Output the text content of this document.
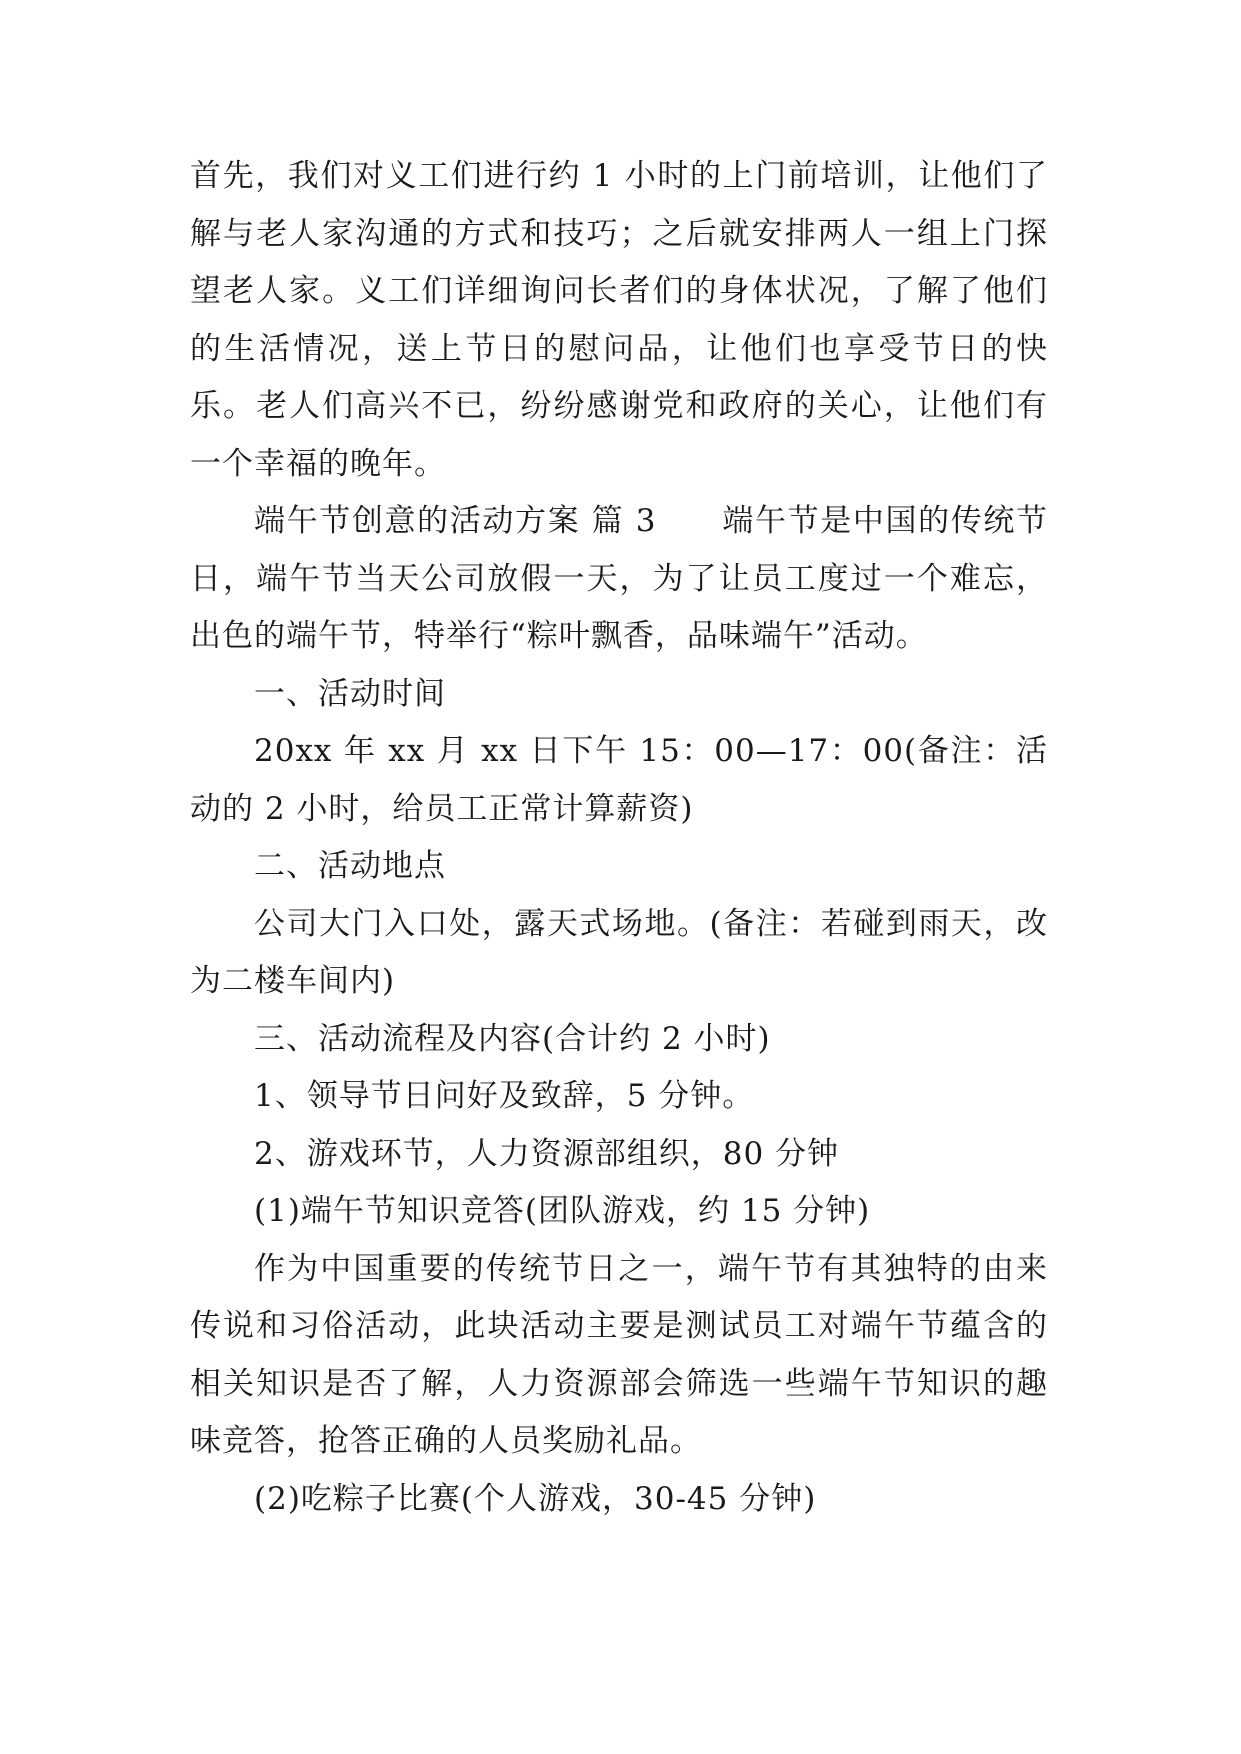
首先，我们对义工们进行约 1 小时的上门前培训，让他们了解与老人家沟通的方式和技巧；之后就安排两人一组上门探望老人家。义工们详细询问长者们的身体状况，了解了他们的生活情况，送上节日的慰问品，让他们也享受节日的快乐。老人们高兴不已，纷纷感谢党和政府的关心，让他们有一个幸福的晚年。

端午节创意的活动方案 篇 3　　端午节是中国的传统节日，端午节当天公司放假一天，为了让员工度过一个难忘，出色的端午节，特举行“粽叶飘香，品味端午”活动。

一、活动时间

20xx 年 xx 月 xx 日下午 15：00—17：00(备注：活动的 2 小时，给员工正常计算薪资)

二、活动地点

公司大门入口处，露天式场地。(备注：若碰到雨天，改为二楼车间内)

三、活动流程及内容(合计约 2 小时)

1、领导节日问好及致辞，5 分钟。

2、游戏环节，人力资源部组织，80 分钟

(1)端午节知识竞答(团队游戏，约 15 分钟)

作为中国重要的传统节日之一，端午节有其独特的由来传说和习俗活动，此块活动主要是测试员工对端午节蕴含的相关知识是否了解，人力资源部会筛选一些端午节知识的趣味竞答，抢答正确的人员奖励礼品。

(2)吃粽子比赛(个人游戏，30-45 分钟)
